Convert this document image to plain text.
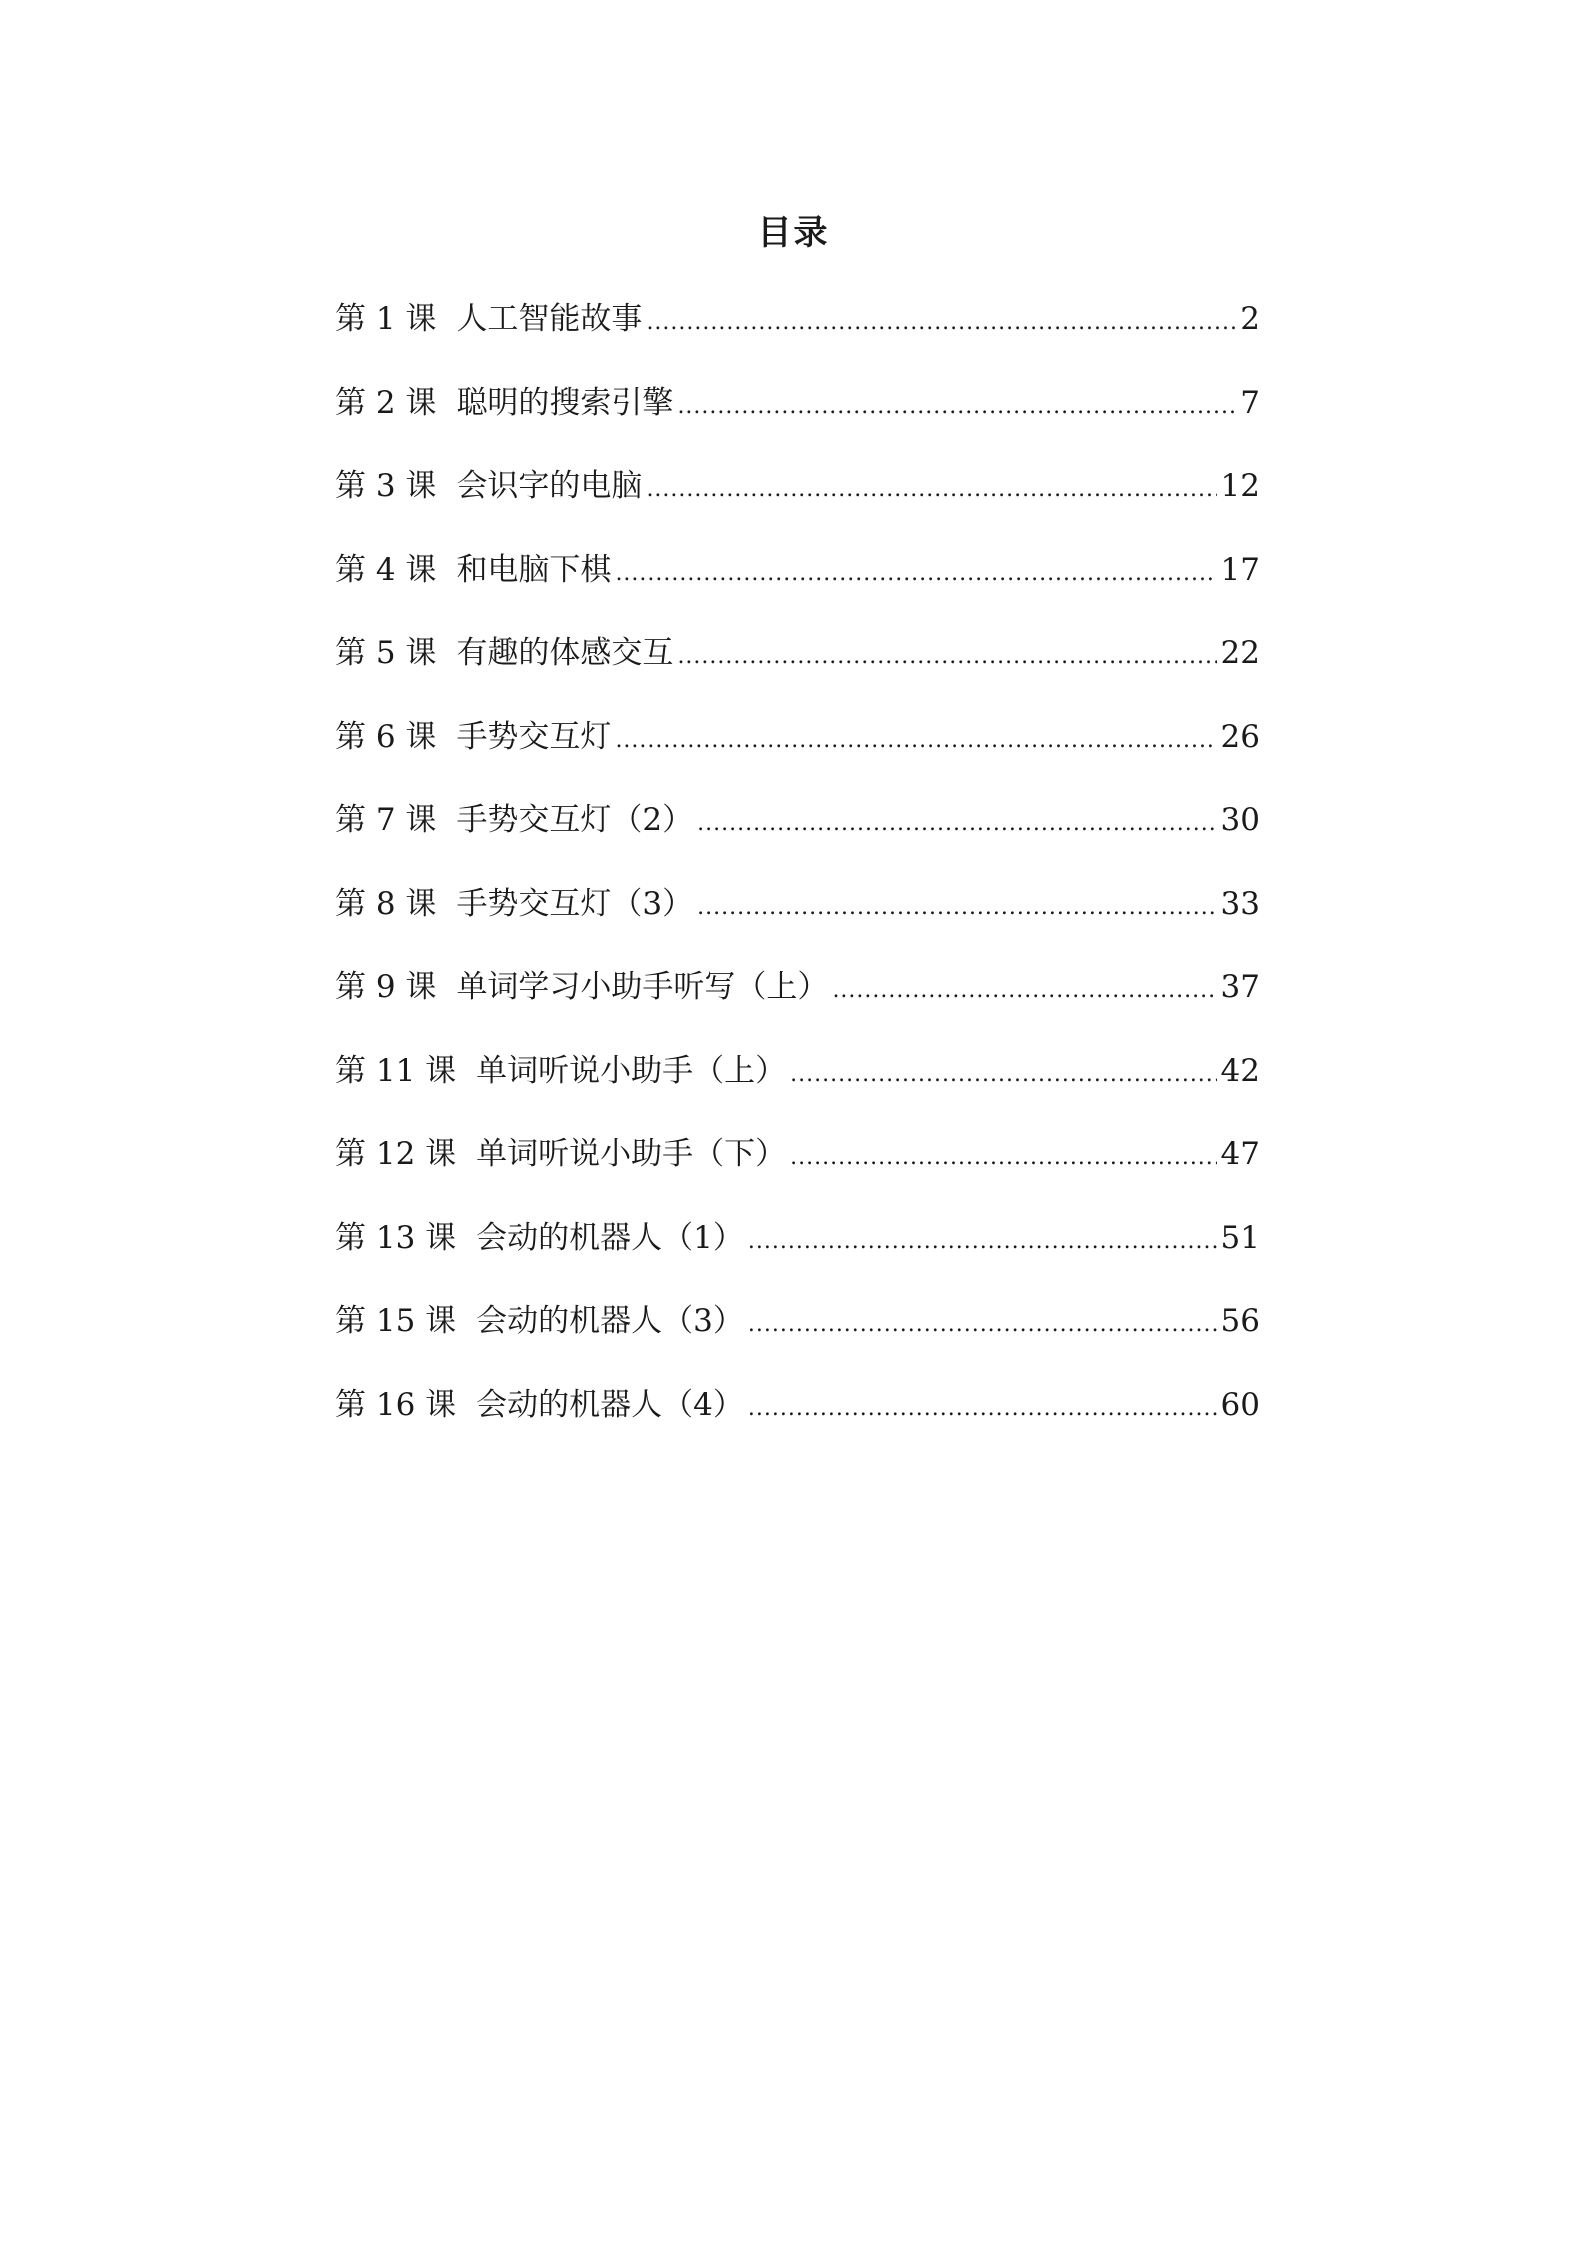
目录
第 1 课 人工智能故事 .....	2
第 2 课 聪明的搜索引擎 .....	7
第 3 课 会识字的电脑 .....	12
第 4 课 和电脑下棋 .....	17
第 5 课 有趣的体感交互 .....	22
第 6 课 手势交互灯 .....	26
第 7 课 手势交互灯（2） .....	30
第 8 课 手势交互灯（3） .....	33
第 9 课 单词学习小助手听写（上） .....	37
第 11 课 单词听说小助手（上） .....	42
第 12 课 单词听说小助手（下） .....	47
第 13 课 会动的机器人（1） .....	51
第 15 课 会动的机器人（3） .....	56
第 16 课 会动的机器人（4） .....	60
